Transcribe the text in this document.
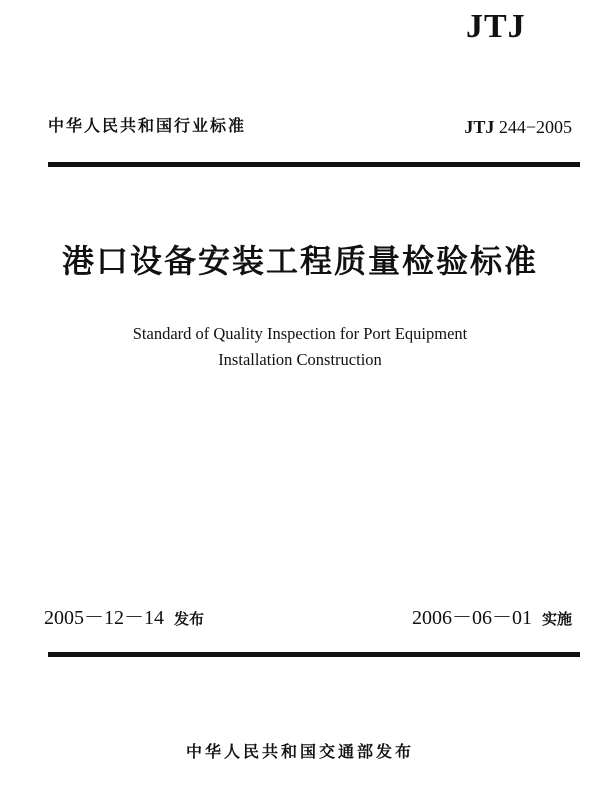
JTJ
中华人民共和国行业标准	JTJ 244−2005
港口设备安装工程质量检验标准
Standard of Quality Inspection for Port Equipment
Installation Construction
2005－12－14 发布	2006－06－01 实施
中华人民共和国交通部发布
